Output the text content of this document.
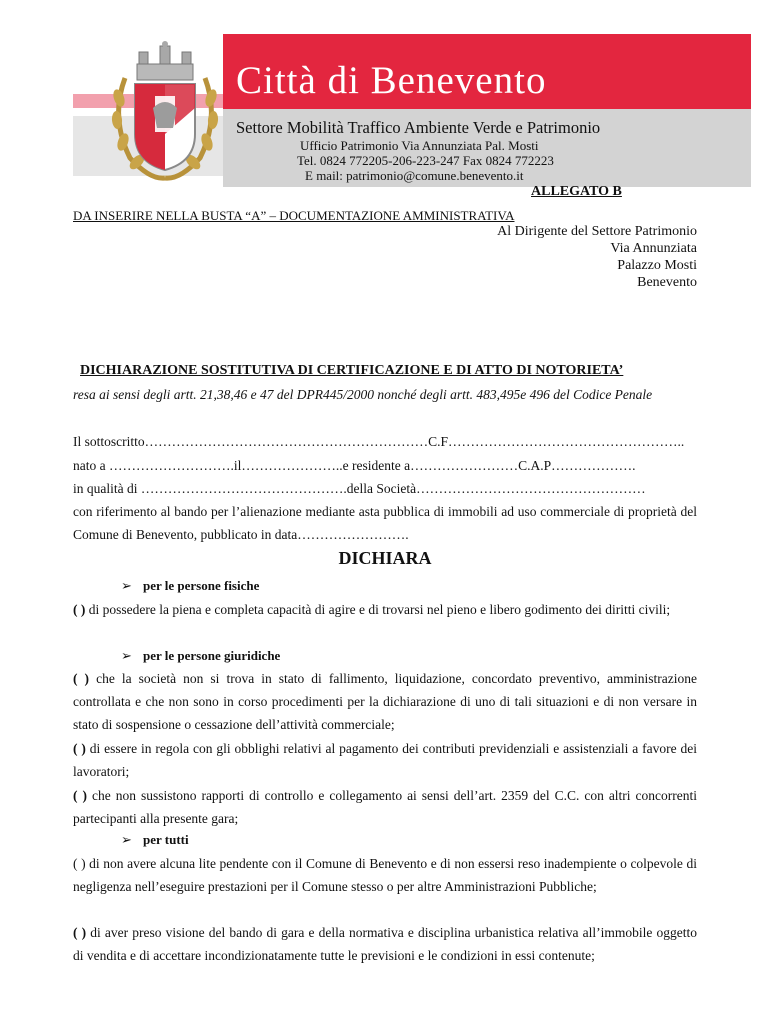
Città di Benevento
Settore Mobilità Traffico Ambiente Verde e Patrimonio
Ufficio Patrimonio Via Annunziata Pal. Mosti
Tel. 0824 772205-206-223-247 Fax 0824 772223
E mail: patrimonio@comune.benevento.it
ALLEGATO B
DA INSERIRE NELLA BUSTA “A” – DOCUMENTAZIONE AMMINISTRATIVA
Al Dirigente del Settore Patrimonio
Via Annunziata
Palazzo Mosti
Benevento
DICHIARAZIONE SOSTITUTIVA DI CERTIFICAZIONE E DI ATTO DI NOTORIETA’
resa ai sensi degli artt. 21,38,46 e 47 del DPR445/2000 nonché degli artt. 483,495e 496 del Codice Penale
Il sottoscritto………………………………………………………C.F……………………………………………..
nato a ……………………….il…………………..e residente a……………………C.A.P……………….
in qualità di ……………………………………….della Società……………………………………………
con riferimento al bando per l’alienazione mediante asta pubblica di immobili ad uso commerciale di proprietà del Comune di Benevento, pubblicato in data…………………….
DICHIARA
➢ per le persone fisiche
( ) di possedere la piena e completa capacità di agire e di trovarsi nel pieno e libero godimento dei diritti civili;
➢ per le persone giuridiche
( ) che la società non si trova in stato di fallimento, liquidazione, concordato preventivo, amministrazione controllata e che non sono in corso procedimenti per la dichiarazione di uno di tali situazioni e di non versare in stato di sospensione o cessazione dell’attività commerciale;
( ) di essere in regola con gli obblighi relativi al pagamento dei contributi previdenziali e assistenziali a favore dei lavoratori;
( ) che non sussistono rapporti di controllo e collegamento ai sensi dell’art. 2359 del C.C. con altri concorrenti partecipanti alla presente gara;
➢ per tutti
( ) di non avere alcuna lite pendente con il Comune di Benevento e di non essersi reso inadempiente o colpevole di negligenza nell’eseguire prestazioni per il Comune stesso o per altre Amministrazioni Pubbliche;
( ) di aver preso visione del bando di gara e della normativa e disciplina urbanistica relativa all’immobile oggetto di vendita e di accettare incondizionatamente tutte le previsioni e le condizioni in essi contenute;
